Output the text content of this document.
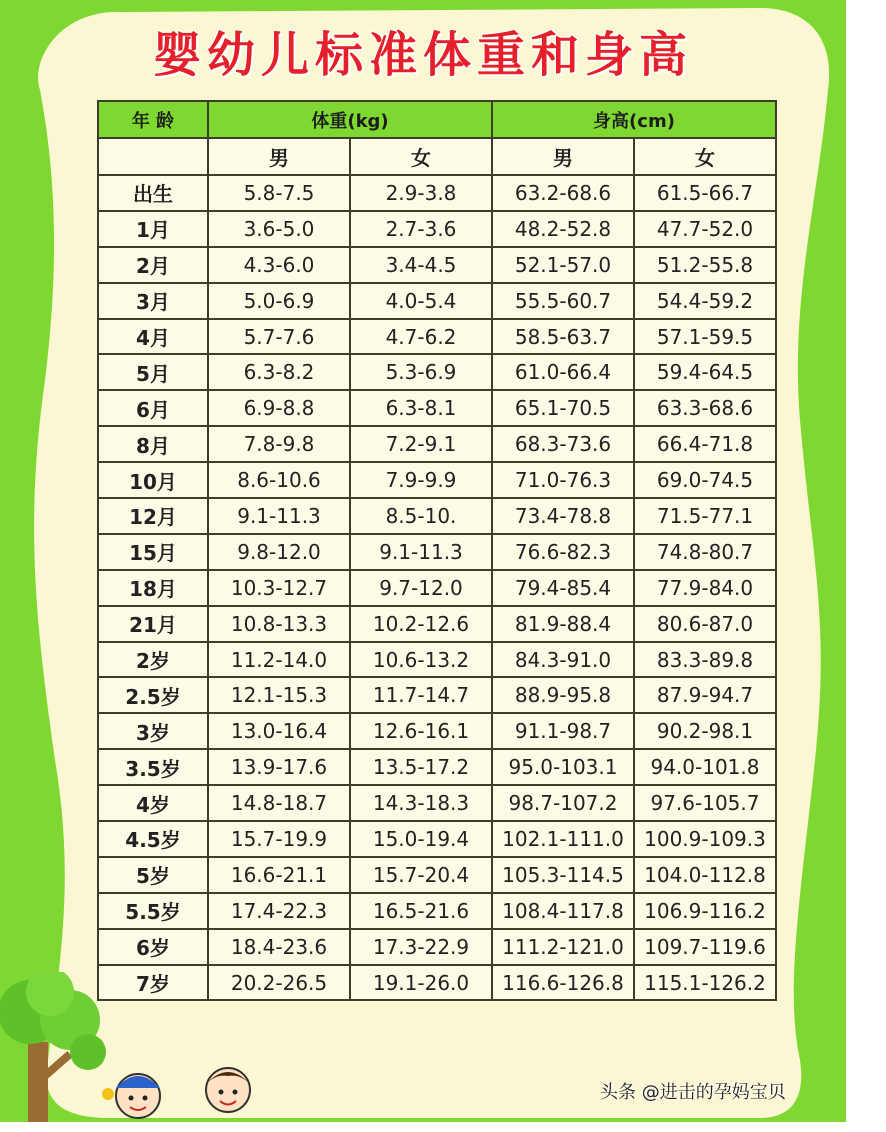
婴幼儿标准体重和身高
年 龄	体重(kg)		身高(cm)	
	男	女	男	女
出生	5.8-7.5	2.9-3.8	63.2-68.6	61.5-66.7
1月	3.6-5.0	2.7-3.6	48.2-52.8	47.7-52.0
2月	4.3-6.0	3.4-4.5	52.1-57.0	51.2-55.8
3月	5.0-6.9	4.0-5.4	55.5-60.7	54.4-59.2
4月	5.7-7.6	4.7-6.2	58.5-63.7	57.1-59.5
5月	6.3-8.2	5.3-6.9	61.0-66.4	59.4-64.5
6月	6.9-8.8	6.3-8.1	65.1-70.5	63.3-68.6
8月	7.8-9.8	7.2-9.1	68.3-73.6	66.4-71.8
10月	8.6-10.6	7.9-9.9	71.0-76.3	69.0-74.5
12月	9.1-11.3	8.5-10.	73.4-78.8	71.5-77.1
15月	9.8-12.0	9.1-11.3	76.6-82.3	74.8-80.7
18月	10.3-12.7	9.7-12.0	79.4-85.4	77.9-84.0
21月	10.8-13.3	10.2-12.6	81.9-88.4	80.6-87.0
2岁	11.2-14.0	10.6-13.2	84.3-91.0	83.3-89.8
2.5岁	12.1-15.3	11.7-14.7	88.9-95.8	87.9-94.7
3岁	13.0-16.4	12.6-16.1	91.1-98.7	90.2-98.1
3.5岁	13.9-17.6	13.5-17.2	95.0-103.1	94.0-101.8
4岁	14.8-18.7	14.3-18.3	98.7-107.2	97.6-105.7
4.5岁	15.7-19.9	15.0-19.4	102.1-111.0	100.9-109.3
5岁	16.6-21.1	15.7-20.4	105.3-114.5	104.0-112.8
5.5岁	17.4-22.3	16.5-21.6	108.4-117.8	106.9-116.2
6岁	18.4-23.6	17.3-22.9	111.2-121.0	109.7-119.6
7岁	20.2-26.5	19.1-26.0	116.6-126.8	115.1-126.2
头条 @进击的孕妈宝贝
